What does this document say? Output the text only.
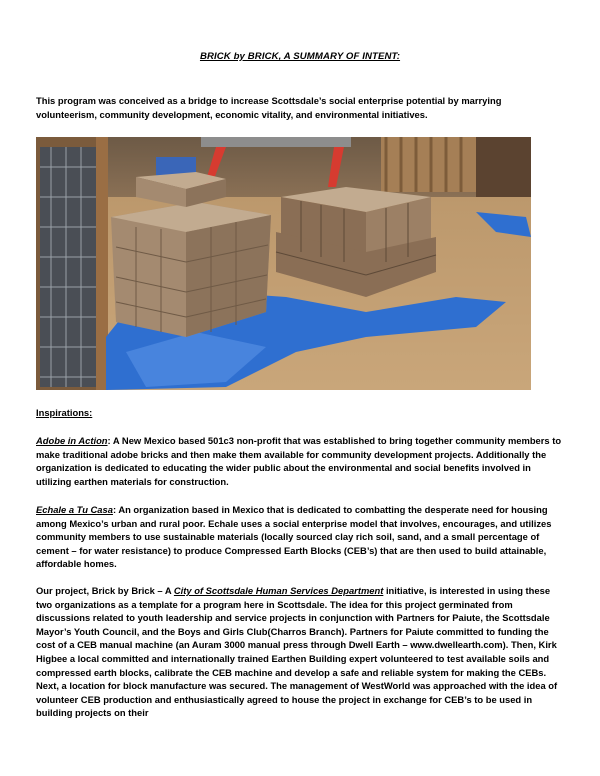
BRICK by BRICK, A SUMMARY OF INTENT:
This program was conceived as a bridge to increase Scottsdale’s social enterprise potential by marrying volunteerism, community development, economic vitality, and environmental initiatives.
Inspirations:
Adobe in Action: A New Mexico based 501c3 non-profit that was established to bring together community members to make traditional adobe bricks and then make them available for community development projects. Additionally the organization is dedicated to educating the wider public about the environmental and social benefits involved in utilizing earthen materials for construction.
Echale a Tu Casa: An organization based in Mexico that is dedicated to combatting the desperate need for housing among Mexico’s urban and rural poor. Echale uses a social enterprise model that involves, encourages, and utilizes community members to use sustainable materials (locally sourced clay rich soil, sand, and a small percentage of cement – for water resistance) to produce Compressed Earth Blocks (CEB’s) that are then used to build attainable, affordable homes.
Our project, Brick by Brick – A City of Scottsdale Human Services Department initiative, is interested in using these two organizations as a template for a program here in Scottsdale. The idea for this project germinated from discussions related to youth leadership and service projects in conjunction with Partners for Paiute, the Scottsdale Mayor’s Youth Council, and the Boys and Girls Club(Charros Branch). Partners for Paiute committed to funding the cost of a CEB manual machine (an Auram 3000 manual press through Dwell Earth – www.dwellearth.com). Then, Kirk Higbee a local committed and internationally trained Earthen Building expert volunteered to test available soils and compressed earth blocks, calibrate the CEB machine and develop a safe and reliable system for making the CEBs. Next, a location for block manufacture was secured. The management of WestWorld was approached with the idea of volunteer CEB production and enthusiastically agreed to house the project in exchange for CEB’s to be used in building projects on their
